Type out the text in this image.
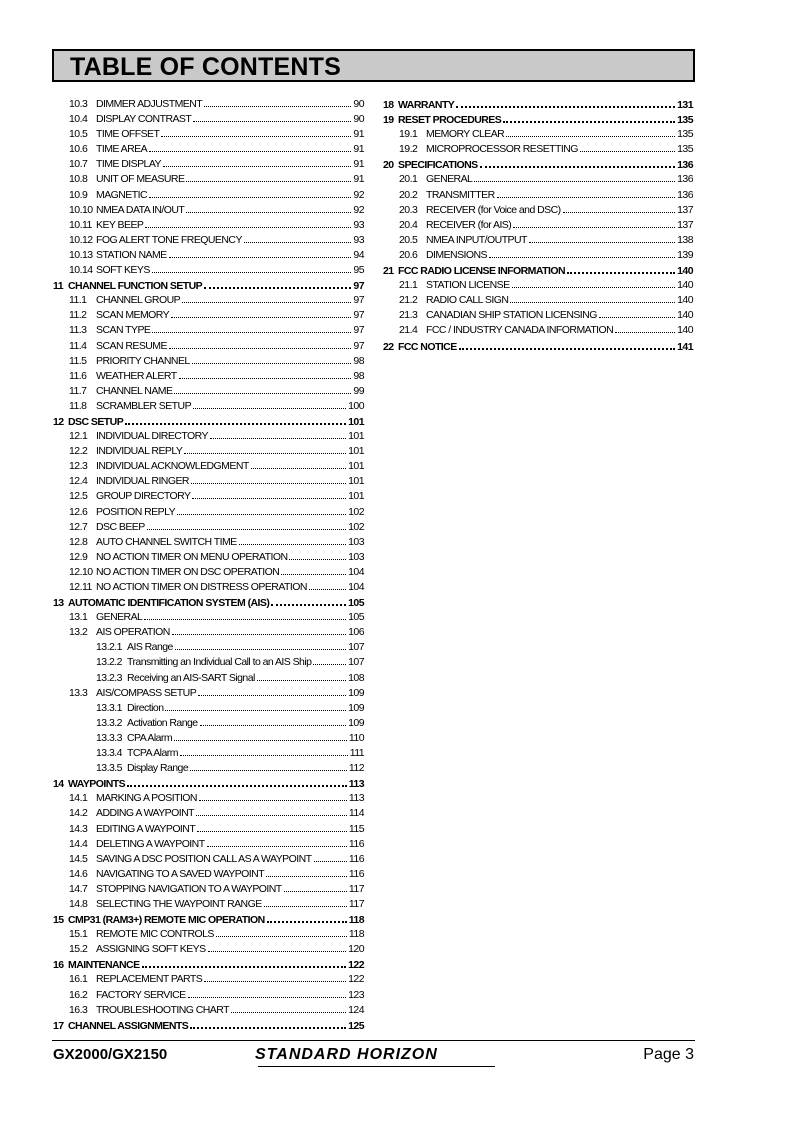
TABLE OF CONTENTS
10.3 DIMMER ADJUSTMENT	90
10.4 DISPLAY CONTRAST	90
10.5 TIME OFFSET	91
10.6 TIME AREA	91
10.7 TIME DISPLAY	91
10.8 UNIT OF MEASURE	91
10.9 MAGNETIC	92
10.10 NMEA DATA IN/OUT	92
10.11 KEY BEEP	93
10.12 FOG ALERT TONE FREQUENCY	93
10.13 STATION NAME	94
10.14 SOFT KEYS	95
11 CHANNEL FUNCTION SETUP	97
11.1 CHANNEL GROUP	97
11.2 SCAN MEMORY	97
11.3 SCAN TYPE	97
11.4 SCAN RESUME	97
11.5 PRIORITY CHANNEL	98
11.6 WEATHER ALERT	98
11.7 CHANNEL NAME	99
11.8 SCRAMBLER SETUP	100
12 DSC SETUP	101
12.1 INDIVIDUAL DIRECTORY	101
12.2 INDIVIDUAL REPLY	101
12.3 INDIVIDUAL ACKNOWLEDGMENT	101
12.4 INDIVIDUAL RINGER	101
12.5 GROUP DIRECTORY	101
12.6 POSITION REPLY	102
12.7 DSC BEEP	102
12.8 AUTO CHANNEL SWITCH TIME	103
12.9 NO ACTION TIMER ON MENU OPERATION	103
12.10 NO ACTION TIMER ON DSC OPERATION	104
12.11 NO ACTION TIMER ON DISTRESS OPERATION	104
13 AUTOMATIC IDENTIFICATION SYSTEM (AIS)	105
13.1 GENERAL	105
13.2 AIS OPERATION	106
13.2.1 AIS Range	107
13.2.2 Transmitting an Individual Call to an AIS Ship	107
13.2.3 Receiving an AIS-SART Signal	108
13.3 AIS/COMPASS SETUP	109
13.3.1 Direction	109
13.3.2 Activation Range	109
13.3.3 CPA Alarm	110
13.3.4 TCPA Alarm	111
13.3.5 Display Range	112
14 WAYPOINTS	113
14.1 MARKING A POSITION	113
14.2 ADDING A WAYPOINT	114
14.3 EDITING A WAYPOINT	115
14.4 DELETING A WAYPOINT	116
14.5 SAVING A DSC POSITION CALL AS A WAYPOINT	116
14.6 NAVIGATING TO A SAVED WAYPOINT	116
14.7 STOPPING NAVIGATION TO A WAYPOINT	117
14.8 SELECTING THE WAYPOINT RANGE	117
15 CMP31 (RAM3+) REMOTE MIC OPERATION	118
15.1 REMOTE MIC CONTROLS	118
15.2 ASSIGNING SOFT KEYS	120
16 MAINTENANCE	122
16.1 REPLACEMENT PARTS	122
16.2 FACTORY SERVICE	123
16.3 TROUBLESHOOTING CHART	124
17 CHANNEL ASSIGNMENTS	125
18 WARRANTY	131
19 RESET PROCEDURES	135
19.1 MEMORY CLEAR	135
19.2 MICROPROCESSOR RESETTING	135
20 SPECIFICATIONS	136
20.1 GENERAL	136
20.2 TRANSMITTER	136
20.3 RECEIVER (for Voice and DSC)	137
20.4 RECEIVER (for AIS)	137
20.5 NMEA INPUT/OUTPUT	138
20.6 DIMENSIONS	139
21 FCC RADIO LICENSE INFORMATION	140
21.1 STATION LICENSE	140
21.2 RADIO CALL SIGN	140
21.3 CANADIAN SHIP STATION LICENSING	140
21.4 FCC / INDUSTRY CANADA INFORMATION	140
22 FCC NOTICE	141
GX2000/GX2150	STANDARD HORIZON	Page 3
